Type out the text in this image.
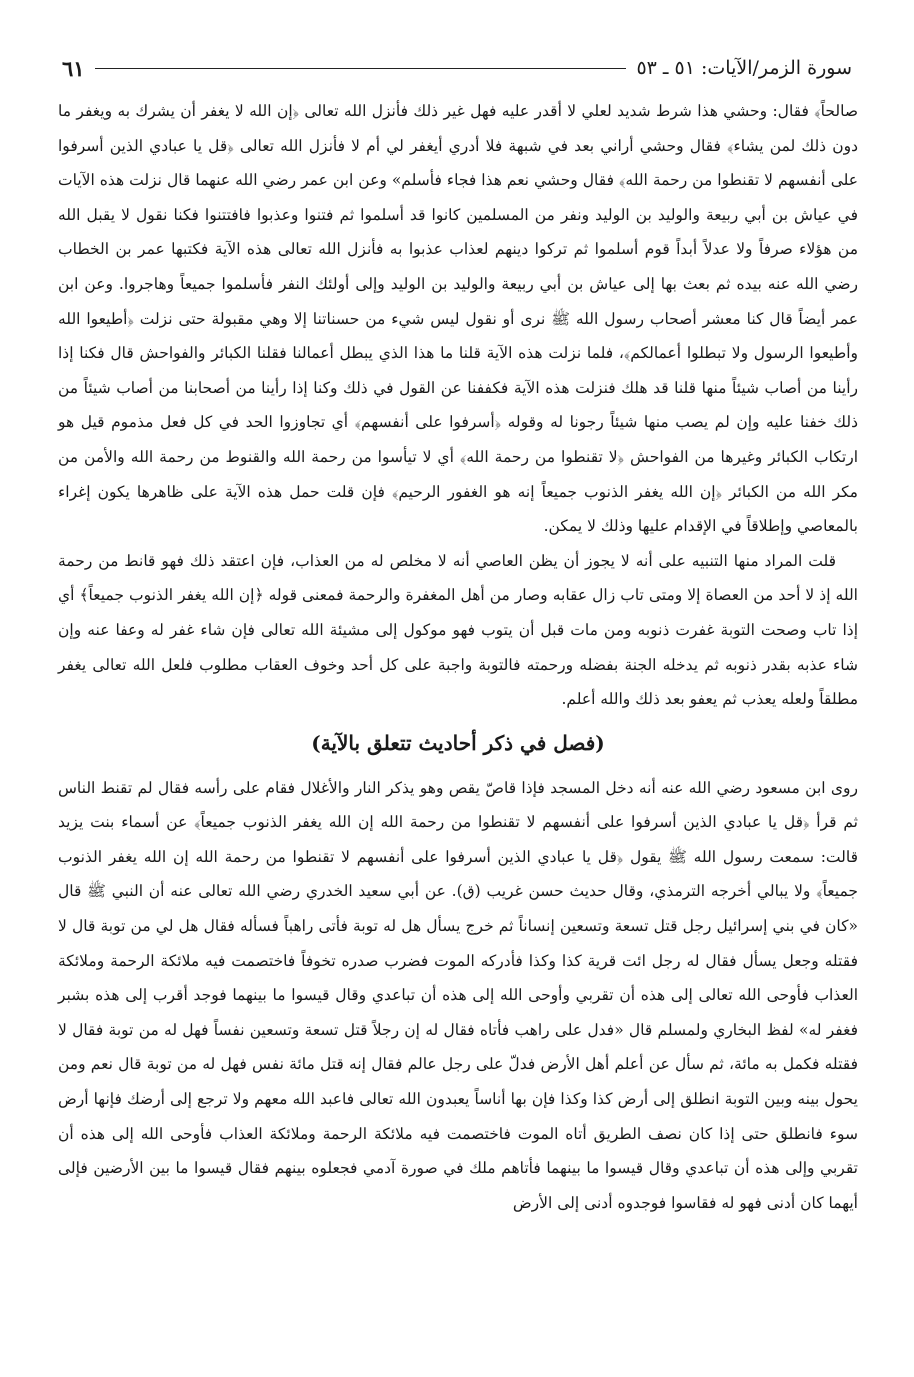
سورة الزمر/الآيات: ٥١ ـ ٥٣
٦١

صالحاً﴾ فقال: وحشي هذا شرط شديد لعلي لا أقدر عليه فهل غير ذلك فأنزل الله تعالى ﴿إن الله لا يغفر أن يشرك به ويغفر ما دون ذلك لمن يشاء﴾ فقال وحشي أراني بعد في شبهة فلا أدري أيغفر لي أم لا فأنزل الله تعالى ﴿قل يا عبادي الذين أسرفوا على أنفسهم لا تقنطوا من رحمة الله﴾ فقال وحشي نعم هذا فجاء فأسلم» وعن ابن عمر رضي الله عنهما قال نزلت هذه الآيات في عياش بن أبي ربيعة والوليد بن الوليد ونفر من المسلمين كانوا قد أسلموا ثم فتنوا وعذبوا فافتتنوا فكنا نقول لا يقبل الله من هؤلاء صرفاً ولا عدلاً أبداً قوم أسلموا ثم تركوا دينهم لعذاب عذبوا به فأنزل الله تعالى هذه الآية فكتبها عمر بن الخطاب رضي الله عنه بيده ثم بعث بها إلى عياش بن أبي ربيعة والوليد بن الوليد وإلى أولئك النفر فأسلموا جميعاً وهاجروا. وعن ابن عمر أيضاً قال كنا معشر أصحاب رسول الله ﷺ نرى أو نقول ليس شيء من حسناتنا إلا وهي مقبولة حتى نزلت ﴿أطيعوا الله وأطيعوا الرسول ولا تبطلوا أعمالكم﴾، فلما نزلت هذه الآية قلنا ما هذا الذي يبطل أعمالنا فقلنا الكبائر والفواحش قال فكنا إذا رأينا من أصاب شيئاً منها قلنا قد هلك فنزلت هذه الآية فكففنا عن القول في ذلك وكنا إذا رأينا من أصحابنا من أصاب شيئاً من ذلك خفنا عليه وإن لم يصب منها شيئاً رجونا له وقوله ﴿أسرفوا على أنفسهم﴾ أي تجاوزوا الحد في كل فعل مذموم قيل هو ارتكاب الكبائر وغيرها من الفواحش ﴿لا تقنطوا من رحمة الله﴾ أي لا تيأسوا من رحمة الله والقنوط من رحمة الله والأمن من مكر الله من الكبائر ﴿إن الله يغفر الذنوب جميعاً إنه هو الغفور الرحيم﴾ فإن قلت حمل هذه الآية على ظاهرها يكون إغراء بالمعاصي وإطلاقاً في الإقدام عليها وذلك لا يمكن.

قلت المراد منها التنبيه على أنه لا يجوز أن يظن العاصي أنه لا مخلص له من العذاب، فإن اعتقد ذلك فهو قانط من رحمة الله إذ لا أحد من العصاة إلا ومتى تاب زال عقابه وصار من أهل المغفرة والرحمة فمعنى قوله ﴿إن الله يغفر الذنوب جميعاً﴾ أي إذا تاب وصحت التوبة غفرت ذنوبه ومن مات قبل أن يتوب فهو موكول إلى مشيئة الله تعالى فإن شاء غفر له وعفا عنه وإن شاء عذبه بقدر ذنوبه ثم يدخله الجنة بفضله ورحمته فالتوبة واجبة على كل أحد وخوف العقاب مطلوب فلعل الله تعالى يغفر مطلقاً ولعله يعذب ثم يعفو بعد ذلك والله أعلم.

(فصل في ذكر أحاديث تتعلق بالآية)

روى ابن مسعود رضي الله عنه أنه دخل المسجد فإذا قاصّ يقص وهو يذكر النار والأغلال فقام على رأسه فقال لم تقنط الناس ثم قرأ ﴿قل يا عبادي الذين أسرفوا على أنفسهم لا تقنطوا من رحمة الله إن الله يغفر الذنوب جميعاً﴾ عن أسماء بنت يزيد قالت: سمعت رسول الله ﷺ يقول ﴿قل يا عبادي الذين أسرفوا على أنفسهم لا تقنطوا من رحمة الله إن الله يغفر الذنوب جميعاً﴾ ولا يبالي أخرجه الترمذي، وقال حديث حسن غريب (ق). عن أبي سعيد الخدري رضي الله تعالى عنه أن النبي ﷺ قال «كان في بني إسرائيل رجل قتل تسعة وتسعين إنساناً ثم خرج يسأل هل له توبة فأتى راهباً فسأله فقال هل لي من توبة قال لا فقتله وجعل يسأل فقال له رجل ائت قرية كذا وكذا فأدركه الموت فضرب صدره تخوفاً فاختصمت فيه ملائكة الرحمة وملائكة العذاب فأوحى الله تعالى إلى هذه أن تقربي وأوحى الله إلى هذه أن تباعدي وقال قيسوا ما بينهما فوجد أقرب إلى هذه بشبر فغفر له» لفظ البخاري ولمسلم قال «فدل على راهب فأتاه فقال له إن رجلاً قتل تسعة وتسعين نفساً فهل له من توبة فقال لا فقتله فكمل به مائة، ثم سأل عن أعلم أهل الأرض فدلّ على رجل عالم فقال إنه قتل مائة نفس فهل له من توبة قال نعم ومن يحول بينه وبين التوبة انطلق إلى أرض كذا وكذا فإن بها أناساً يعبدون الله تعالى فاعبد الله معهم ولا ترجع إلى أرضك فإنها أرض سوء فانطلق حتى إذا كان نصف الطريق أتاه الموت فاختصمت فيه ملائكة الرحمة وملائكة العذاب فأوحى الله إلى هذه أن تقربي وإلى هذه أن تباعدي وقال قيسوا ما بينهما فأتاهم ملك في صورة آدمي فجعلوه بينهم فقال قيسوا ما بين الأرضين فإلى أيهما كان أدنى فهو له فقاسوا فوجدوه أدنى إلى الأرض
